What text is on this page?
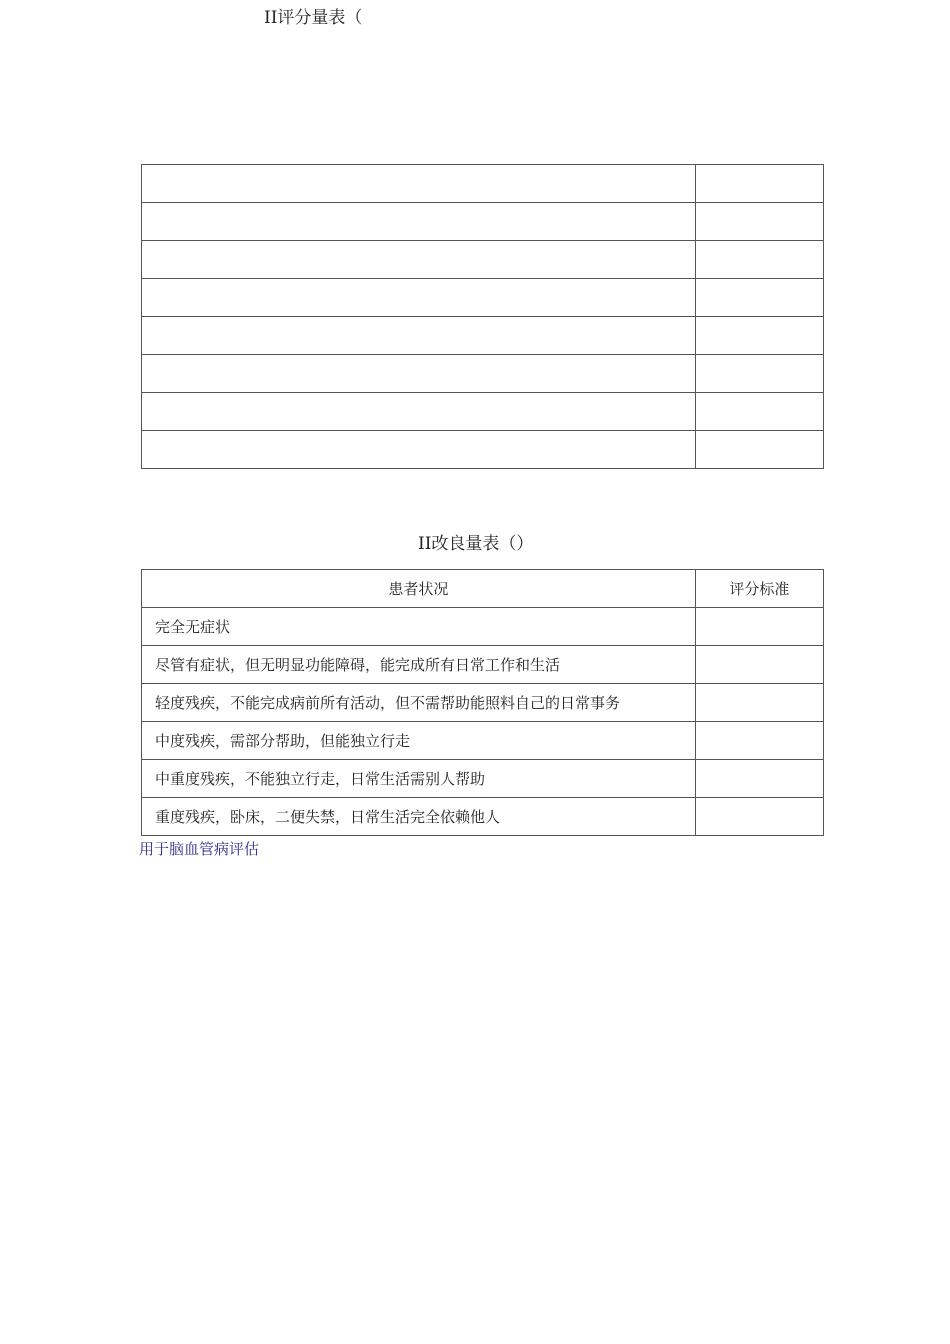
II评分量表（

II改良量表（）
患者状况	评分标准
完全无症状	
尽管有症状，但无明显功能障碍，能完成所有日常工作和生活	
轻度残疾，不能完成病前所有活动，但不需帮助能照料自己的日常事务	
中度残疾，需部分帮助，但能独立行走	
中重度残疾，不能独立行走，日常生活需别人帮助	
重度残疾，卧床，二便失禁，日常生活完全依赖他人	
用于脑血管病评估
